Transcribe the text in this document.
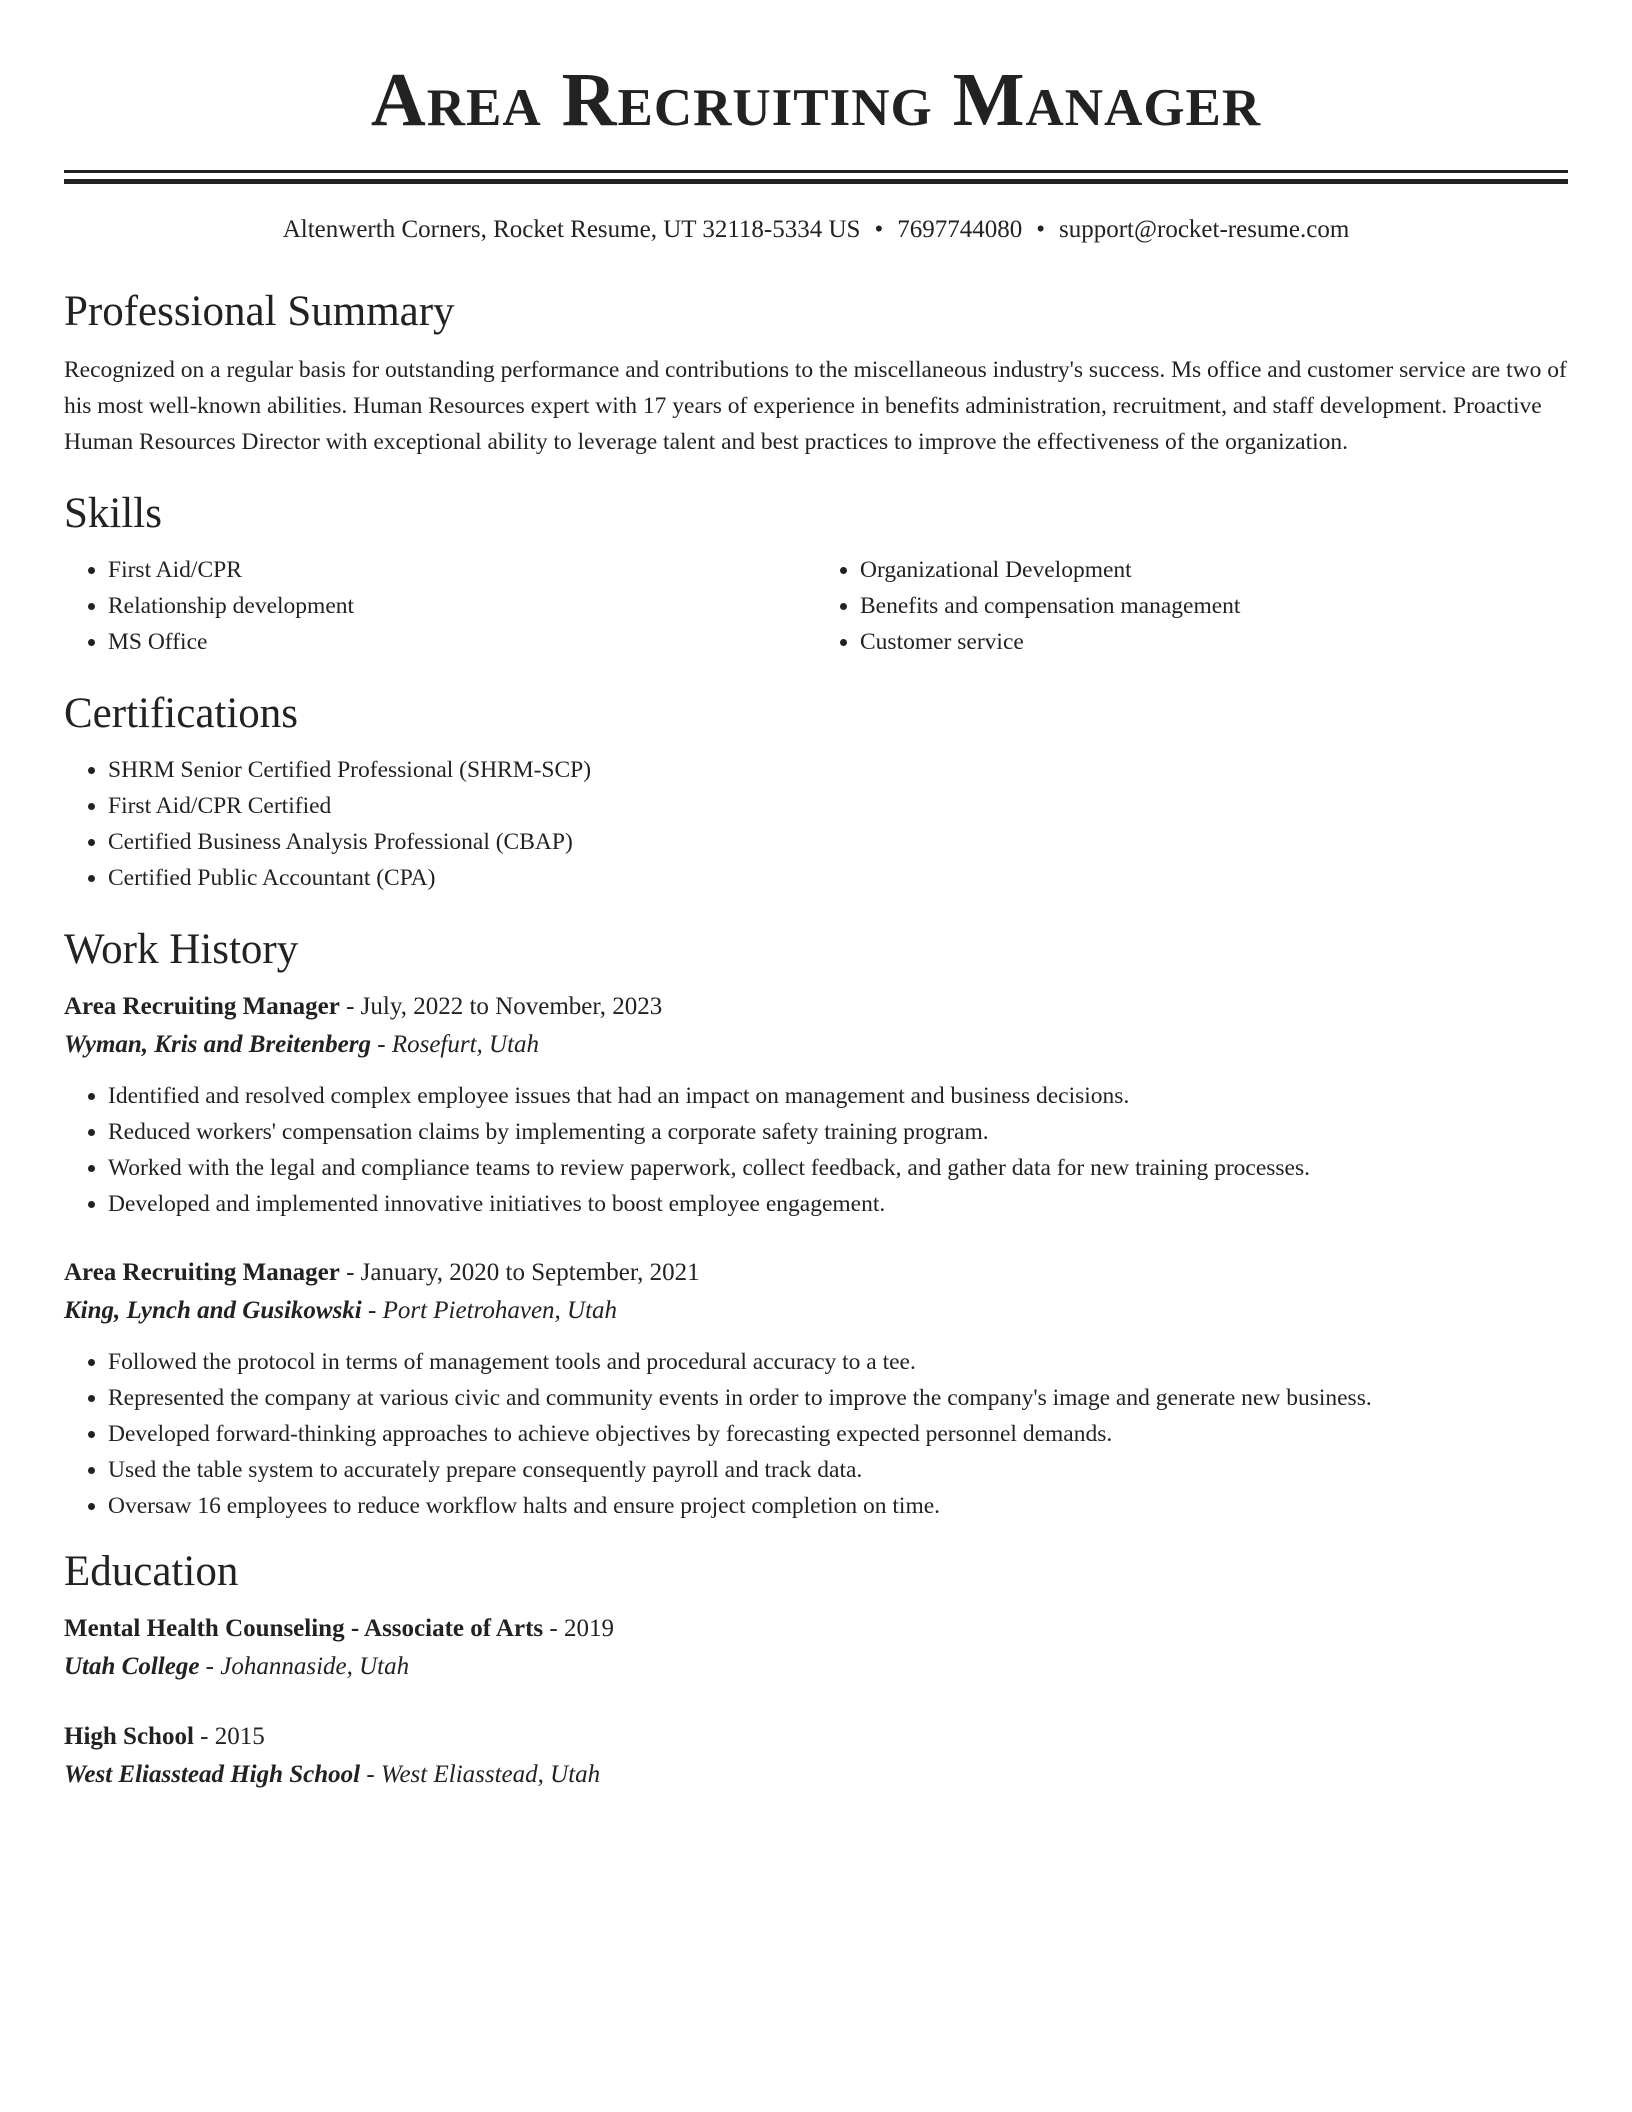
Area Recruiting Manager
Altenwerth Corners, Rocket Resume, UT 32118-5334 US • 7697744080 • support@rocket-resume.com
Professional Summary

Recognized on a regular basis for outstanding performance and contributions to the miscellaneous industry's success. Ms office and customer service are two of his most well-known abilities. Human Resources expert with 17 years of experience in benefits administration, recruitment, and staff development. Proactive Human Resources Director with exceptional ability to leverage talent and best practices to improve the effectiveness of the organization.

Skills
• First Aid/CPR
• Relationship development
• MS Office
• Organizational Development
• Benefits and compensation management
• Customer service
Certifications
• SHRM Senior Certified Professional (SHRM-SCP)
• First Aid/CPR Certified
• Certified Business Analysis Professional (CBAP)
• Certified Public Accountant (CPA)
Work History
Area Recruiting Manager - July, 2022 to November, 2023
Wyman, Kris and Breitenberg - Rosefurt, Utah
• Identified and resolved complex employee issues that had an impact on management and business decisions.
• Reduced workers' compensation claims by implementing a corporate safety training program.
• Worked with the legal and compliance teams to review paperwork, collect feedback, and gather data for new training processes.
• Developed and implemented innovative initiatives to boost employee engagement.
Area Recruiting Manager - January, 2020 to September, 2021
King, Lynch and Gusikowski - Port Pietrohaven, Utah
• Followed the protocol in terms of management tools and procedural accuracy to a tee.
• Represented the company at various civic and community events in order to improve the company's image and generate new business.
• Developed forward-thinking approaches to achieve objectives by forecasting expected personnel demands.
• Used the table system to accurately prepare consequently payroll and track data.
• Oversaw 16 employees to reduce workflow halts and ensure project completion on time.
Education
Mental Health Counseling - Associate of Arts - 2019
Utah College - Johannaside, Utah
High School - 2015
West Eliasstead High School - West Eliasstead, Utah
